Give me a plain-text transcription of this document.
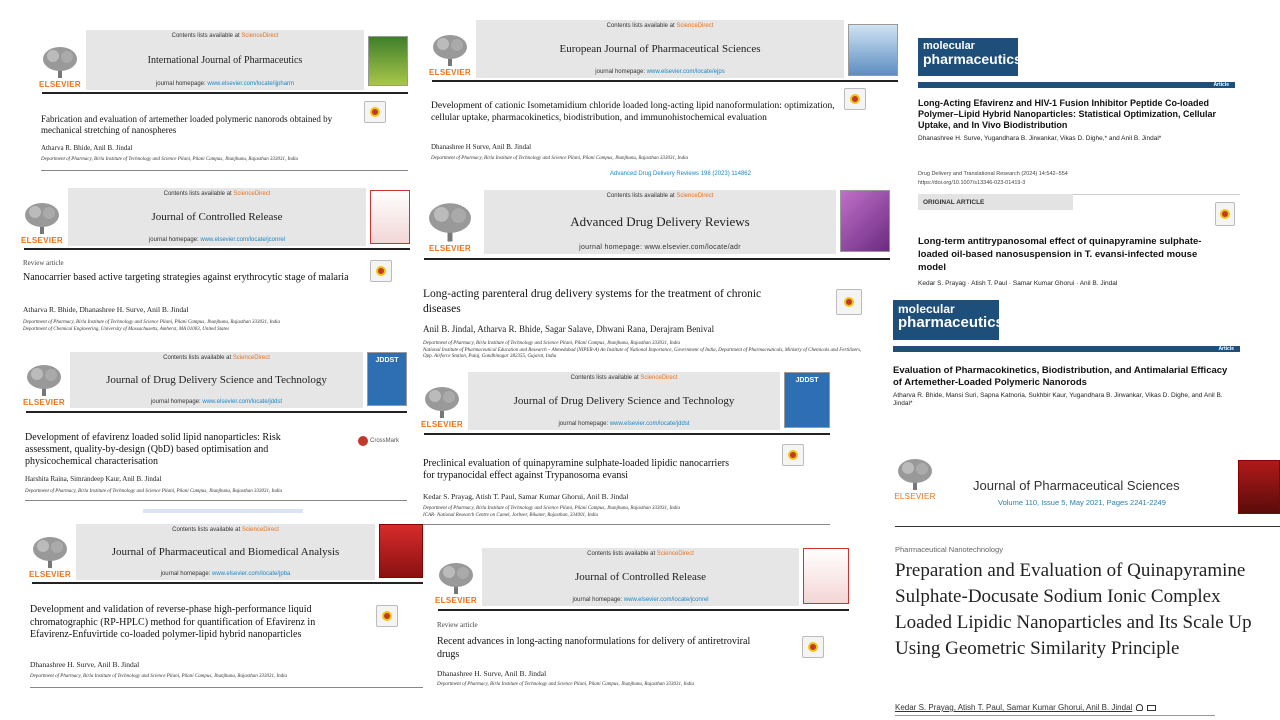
ELSEVIER
Contents lists available at ScienceDirect
International Journal of Pharmaceutics
journal homepage: www.elsevier.com/locate/ijpharm
Fabrication and evaluation of artemether loaded polymeric nanorods obtained by mechanical stretching of nanospheres
Atharva R. Bhide, Anil B. Jindal
Department of Pharmacy, Birla Institute of Technology and Science Pilani, Pilani Campus, Jhunjhunu, Rajasthan 333031, India
ELSEVIER
Contents lists available at ScienceDirect
European Journal of Pharmaceutical Sciences
journal homepage: www.elsevier.com/locate/ejps
Development of cationic Isometamidium chloride loaded long-acting lipid nanoformulation: optimization, cellular uptake, pharmacokinetics, biodistribution, and immunohistochemical evaluation
Dhanashree H Surve, Anil B. Jindal
Department of Pharmacy, Birla Institute of Technology and Science Pilani, Pilani Campus, Jhunjhunu, Rajasthan 333031, India
molecular
pharmaceutics
Article
Long-Acting Efavirenz and HIV-1 Fusion Inhibitor Peptide Co-loaded Polymer–Lipid Hybrid Nanoparticles: Statistical Optimization, Cellular Uptake, and In Vivo Biodistribution
Dhanashree H. Surve, Yugandhara B. Jirwankar, Vikas D. Dighe,* and Anil B. Jindal*
ELSEVIER
Contents lists available at ScienceDirect
Journal of Controlled Release
journal homepage: www.elsevier.com/locate/jconrel
Review article
Nanocarrier based active targeting strategies against erythrocytic stage of malaria
Atharva R. Bhide, Dhanashree H. Surve, Anil B. Jindal
Department of Pharmacy, Birla Institute of Technology and Science Pilani, Pilani Campus, Jhunjhunu, Rajasthan 333031, India
Department of Chemical Engineering, University of Massachusetts, Amherst, MA 01003, United States
Advanced Drug Delivery Reviews 198 (2023) 114862
ELSEVIER
Contents lists available at ScienceDirect
Advanced Drug Delivery Reviews
journal homepage: www.elsevier.com/locate/adr
Long-acting parenteral drug delivery systems for the treatment of chronic diseases
Anil B. Jindal, Atharva R. Bhide, Sagar Salave, Dhwani Rana, Derajram Benival
Department of Pharmacy, Birla Institute of Technology and Science Pilani, Pilani Campus, Jhunjhunu, Rajasthan 333031, India
National Institute of Pharmaceutical Education and Research – Ahmedabad (NIPER-A) An Institute of National Importance, Government of India, Department of Pharmaceuticals, Ministry of Chemicals and Fertilizers, Opp. Airforce Station, Palaj, Gandhinagar 382355, Gujarat, India
Drug Delivery and Translational Research (2024) 14:542–554
https://doi.org/10.1007/s13346-023-01419-3
ORIGINAL ARTICLE
Long-term antitrypanosomal effect of quinapyramine sulphate-loaded oil-based nanosuspension in T. evansi-infected mouse model
Kedar S. Prayag · Atish T. Paul · Samar Kumar Ghorui · Anil B. Jindal
ELSEVIER
Contents lists available at ScienceDirect
Journal of Drug Delivery Science and Technology
journal homepage: www.elsevier.com/locate/jddst
JDDST
Development of efavirenz loaded solid lipid nanoparticles: Risk assessment, quality-by-design (QbD) based optimisation and physicochemical characterisation
CrossMark
Harshita Raina, Simrandeep Kaur, Anil B. Jindal
Department of Pharmacy, Birla Institute of Technology and Science Pilani, Pilani Campus, Jhunjhunu, Rajasthan 333031, India
molecular
pharmaceutics
Article
Evaluation of Pharmacokinetics, Biodistribution, and Antimalarial Efficacy of Artemether-Loaded Polymeric Nanorods
Atharva R. Bhide, Mansi Suri, Sapna Katnoria, Sukhbir Kaur, Yugandhara B. Jirwankar, Vikas D. Dighe, and Anil B. Jindal*
ELSEVIER
Contents lists available at ScienceDirect
Journal of Drug Delivery Science and Technology
journal homepage: www.elsevier.com/locate/jddst
JDDST
Preclinical evaluation of quinapyramine sulphate-loaded lipidic nanocarriers for trypanocidal effect against Trypanosoma evansi
Kedar S. Prayag, Atish T. Paul, Samar Kumar Ghorui, Anil B. Jindal
Department of Pharmacy, Birla Institute of Technology and Science Pilani, Pilani Campus, Jhunjhunu, Rajasthan 333031, India
ICAR- National Research Centre on Camel, Jorbeer, Bikaner, Rajasthan, 334001, India
ELSEVIER
Journal of Pharmaceutical Sciences
Volume 110, Issue 5, May 2021, Pages 2241-2249
Pharmaceutical Nanotechnology
Preparation and Evaluation of Quinapyramine Sulphate-Docusate Sodium Ionic Complex Loaded Lipidic Nanoparticles and Its Scale Up Using Geometric Similarity Principle
Kedar S. Prayag, Atish T. Paul, Samar Kumar Ghorui, Anil B. Jindal
ELSEVIER
Contents lists available at ScienceDirect
Journal of Pharmaceutical and Biomedical Analysis
journal homepage: www.elsevier.com/locate/jpba
Development and validation of reverse-phase high-performance liquid chromatographic (RP-HPLC) method for quantification of Efavirenz in Efavirenz-Enfuvirtide co-loaded polymer-lipid hybrid nanoparticles
Dhanashree H. Surve, Anil B. Jindal
Department of Pharmacy, Birla Institute of Technology and Science Pilani, Pilani Campus, Jhunjhunu, Rajasthan 333031, India
ELSEVIER
Contents lists available at ScienceDirect
Journal of Controlled Release
journal homepage: www.elsevier.com/locate/jconrel
Review article
Recent advances in long-acting nanoformulations for delivery of antiretroviral drugs
Dhanashree H. Surve, Anil B. Jindal
Department of Pharmacy, Birla Institute of Technology and Science Pilani, Pilani Campus, Jhunjhunu, Rajasthan 333031, India
